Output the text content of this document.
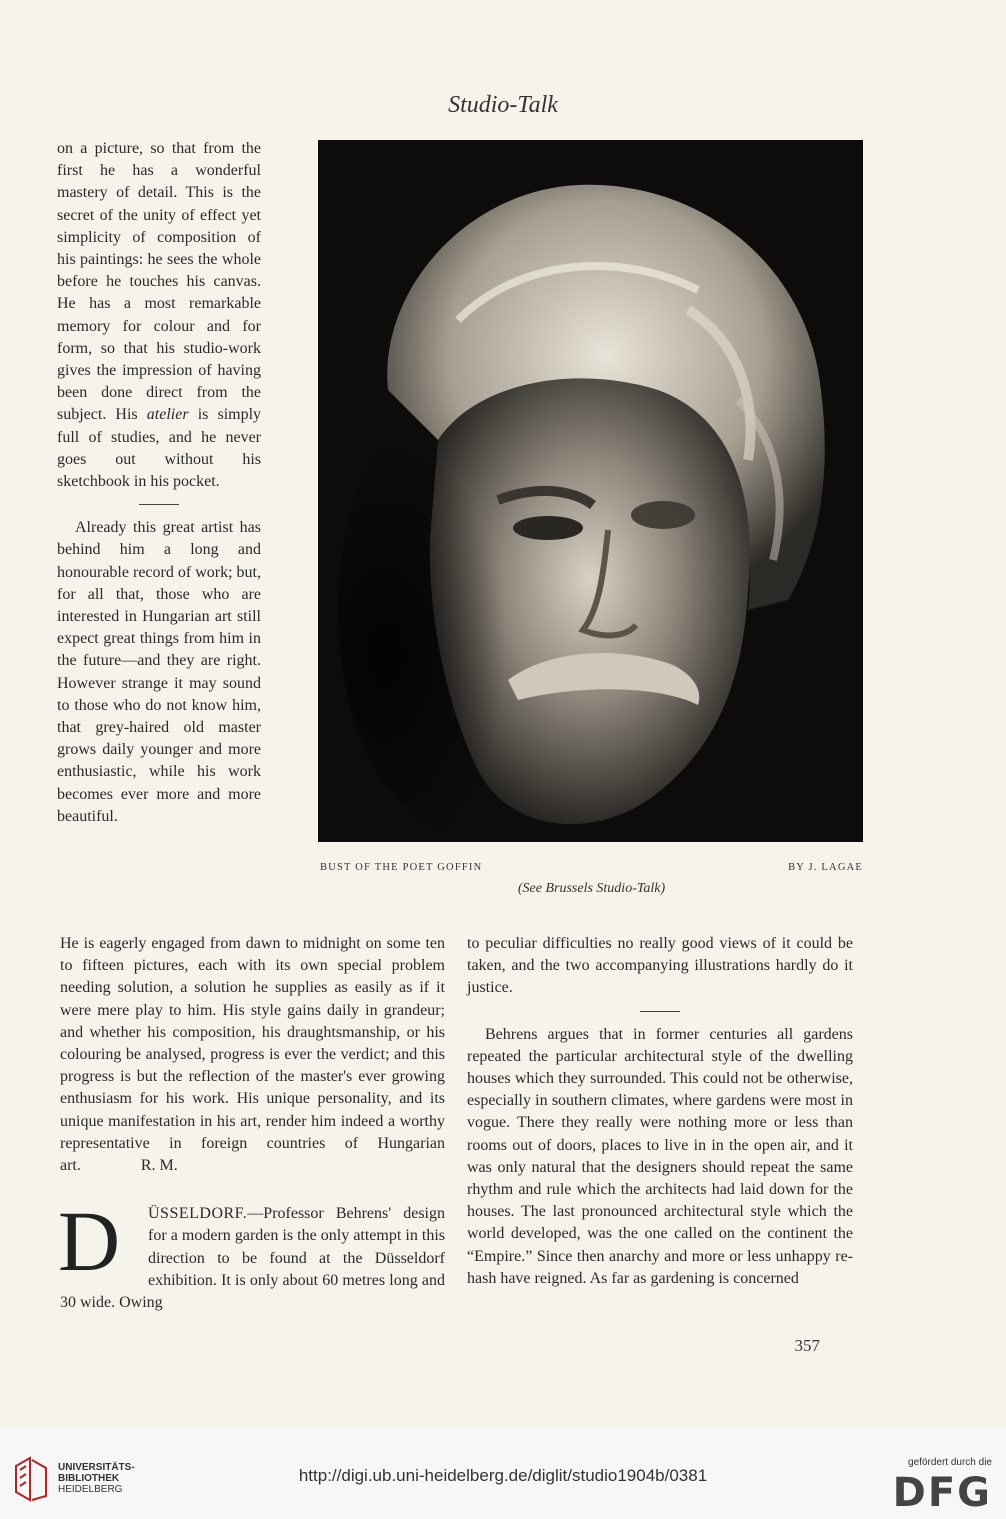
Studio-Talk

on a picture, so that from the first he has a wonderful mastery of detail. This is the secret of the unity of effect yet simplicity of composition of his paintings: he sees the whole before he touches his canvas. He has a most remarkable memory for colour and for form, so that his studio-work gives the impression of having been done direct from the subject. His atelier is simply full of studies, and he never goes out without his sketchbook in his pocket.

Already this great artist has behind him a long and honourable record of work; but, for all that, those who are interested in Hungarian art still expect great things from him in the future—and they are right. However strange it may sound to those who do not know him, that grey-haired old master grows daily younger and more enthusiastic, while his work becomes ever more and more beautiful.

BUST OF THE POET GOFFIN	BY J. LAGAE
(See Brussels Studio-Talk)

He is eagerly engaged from dawn to midnight on some ten to fifteen pictures, each with its own special problem needing solution, a solution he supplies as easily as if it were mere play to him. His style gains daily in grandeur; and whether his composition, his draughtsmanship, or his colouring be analysed, progress is ever the verdict; and this progress is but the reflection of the master's ever growing enthusiasm for his work. His unique personality, and its unique manifestation in his art, render him indeed a worthy representative in foreign countries of Hungarian art.	R. M.

D	ÜSSELDORF.—Professor Behrens' design for a modern garden is the only attempt in this direction to be found at the Düsseldorf exhibition. It is only about 60 metres long and 30 wide. Owing

to peculiar difficulties no really good views of it could be taken, and the two accompanying illustrations hardly do it justice.

Behrens argues that in former centuries all gardens repeated the particular architectural style of the dwelling houses which they surrounded. This could not be otherwise, especially in southern climates, where gardens were most in vogue. There they really were nothing more or less than rooms out of doors, places to live in in the open air, and it was only natural that the designers should repeat the same rhythm and rule which the architects had laid down for the houses. The last pronounced architectural style which the world developed, was the one called on the continent the “Empire.” Since then anarchy and more or less unhappy re-hash have reigned. As far as gardening is concerned

357
UNIVERSITÄTS-
BIBLIOTHEK
HEIDELBERG
http://digi.ub.uni-heidelberg.de/diglit/studio1904b/0381
gefördert durch die
DFG
